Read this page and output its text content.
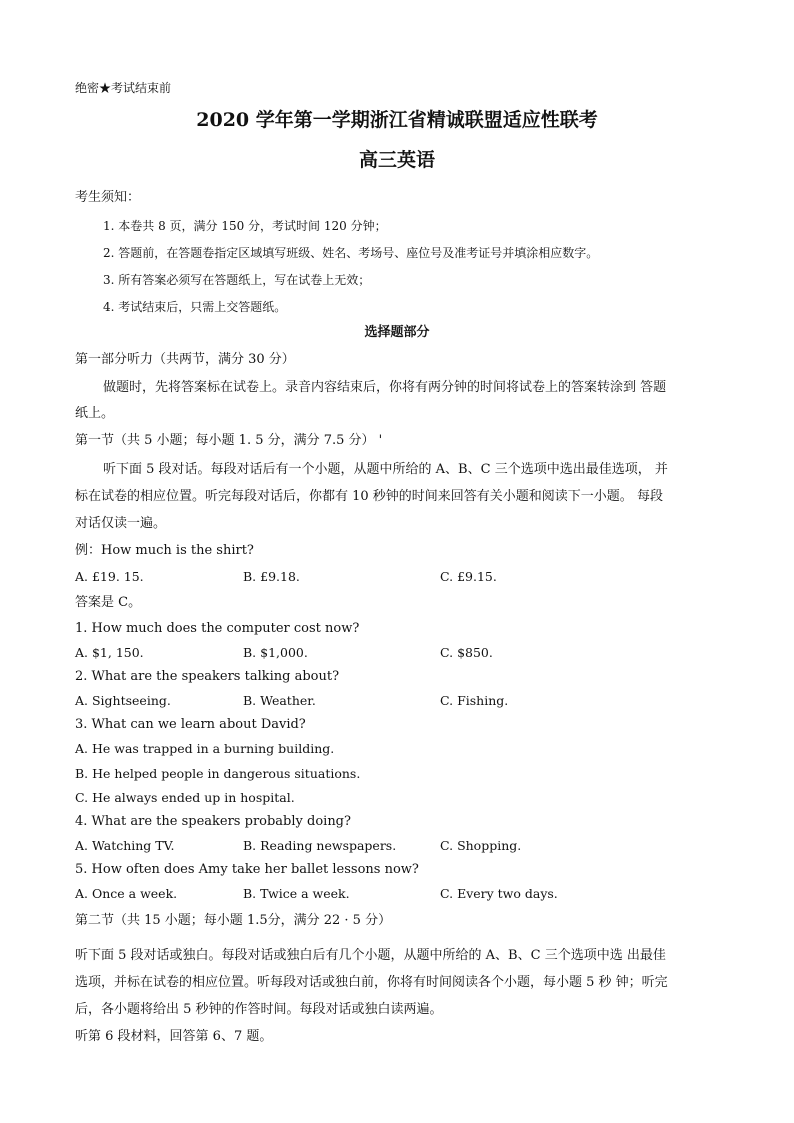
绝密★考试结束前
2020 学年第一学期浙江省精诚联盟适应性联考
高三英语
考生须知：
1. 本卷共 8 页，满分 150 分，考试时间 120 分钟；
2. 答题前，在答题卷指定区域填写班级、姓名、考场号、座位号及准考证号并填涂相应数字。
3. 所有答案必须写在答题纸上，写在试卷上无效；
4. 考试结束后，只需上交答题纸。
选择题部分
第一部分听力（共两节，满分 30 分）
做题时，先将答案标在试卷上。录音内容结束后，你将有两分钟的时间将试卷上的答案转涂到 答题
纸上。
第一节（共 5 小题；每小题 1. 5 分，满分 7.5 分） '
听下面 5 段对话。每段对话后有一个小题，从题中所给的 A、B、C 三个选项中选出最佳选项， 并
标在试卷的相应位置。听完每段对话后，你都有 10 秒钟的时间来回答有关小题和阅读下一小题。 每段
对话仅读一遍。
例：How much is the shirt?
A. £19. 15.	B. £9.18.	C. £9.15.
答案是 C。
1. How much does the computer cost now?
A. $1, 150.	B. $1,000.	C. $850.
2. What are the speakers talking about?
A. Sightseeing.	B. Weather.	C. Fishing.
3. What can we learn about David?
A. He was trapped in a burning building.
B. He helped people in dangerous situations.
C. He always ended up in hospital.
4. What are the speakers probably doing?
A. Watching TV.	B. Reading newspapers.	C. Shopping.
5. How often does Amy take her ballet lessons now?
A. Once a week.	B. Twice a week.	C. Every two days.
第二节（共 15 小题；每小题 1.5分，满分 22 · 5 分）
听下面 5 段对话或独白。每段对话或独白后有几个小题，从题中所给的 A、B、C 三个选项中选 出最佳
选项，并标在试卷的相应位置。听每段对话或独白前，你将有时间阅读各个小题，每小题 5 秒 钟；听完
后，各小题将给出 5 秒钟的作答时间。每段对话或独白读两遍。
听第 6 段材料，回答第 6、7 题。
